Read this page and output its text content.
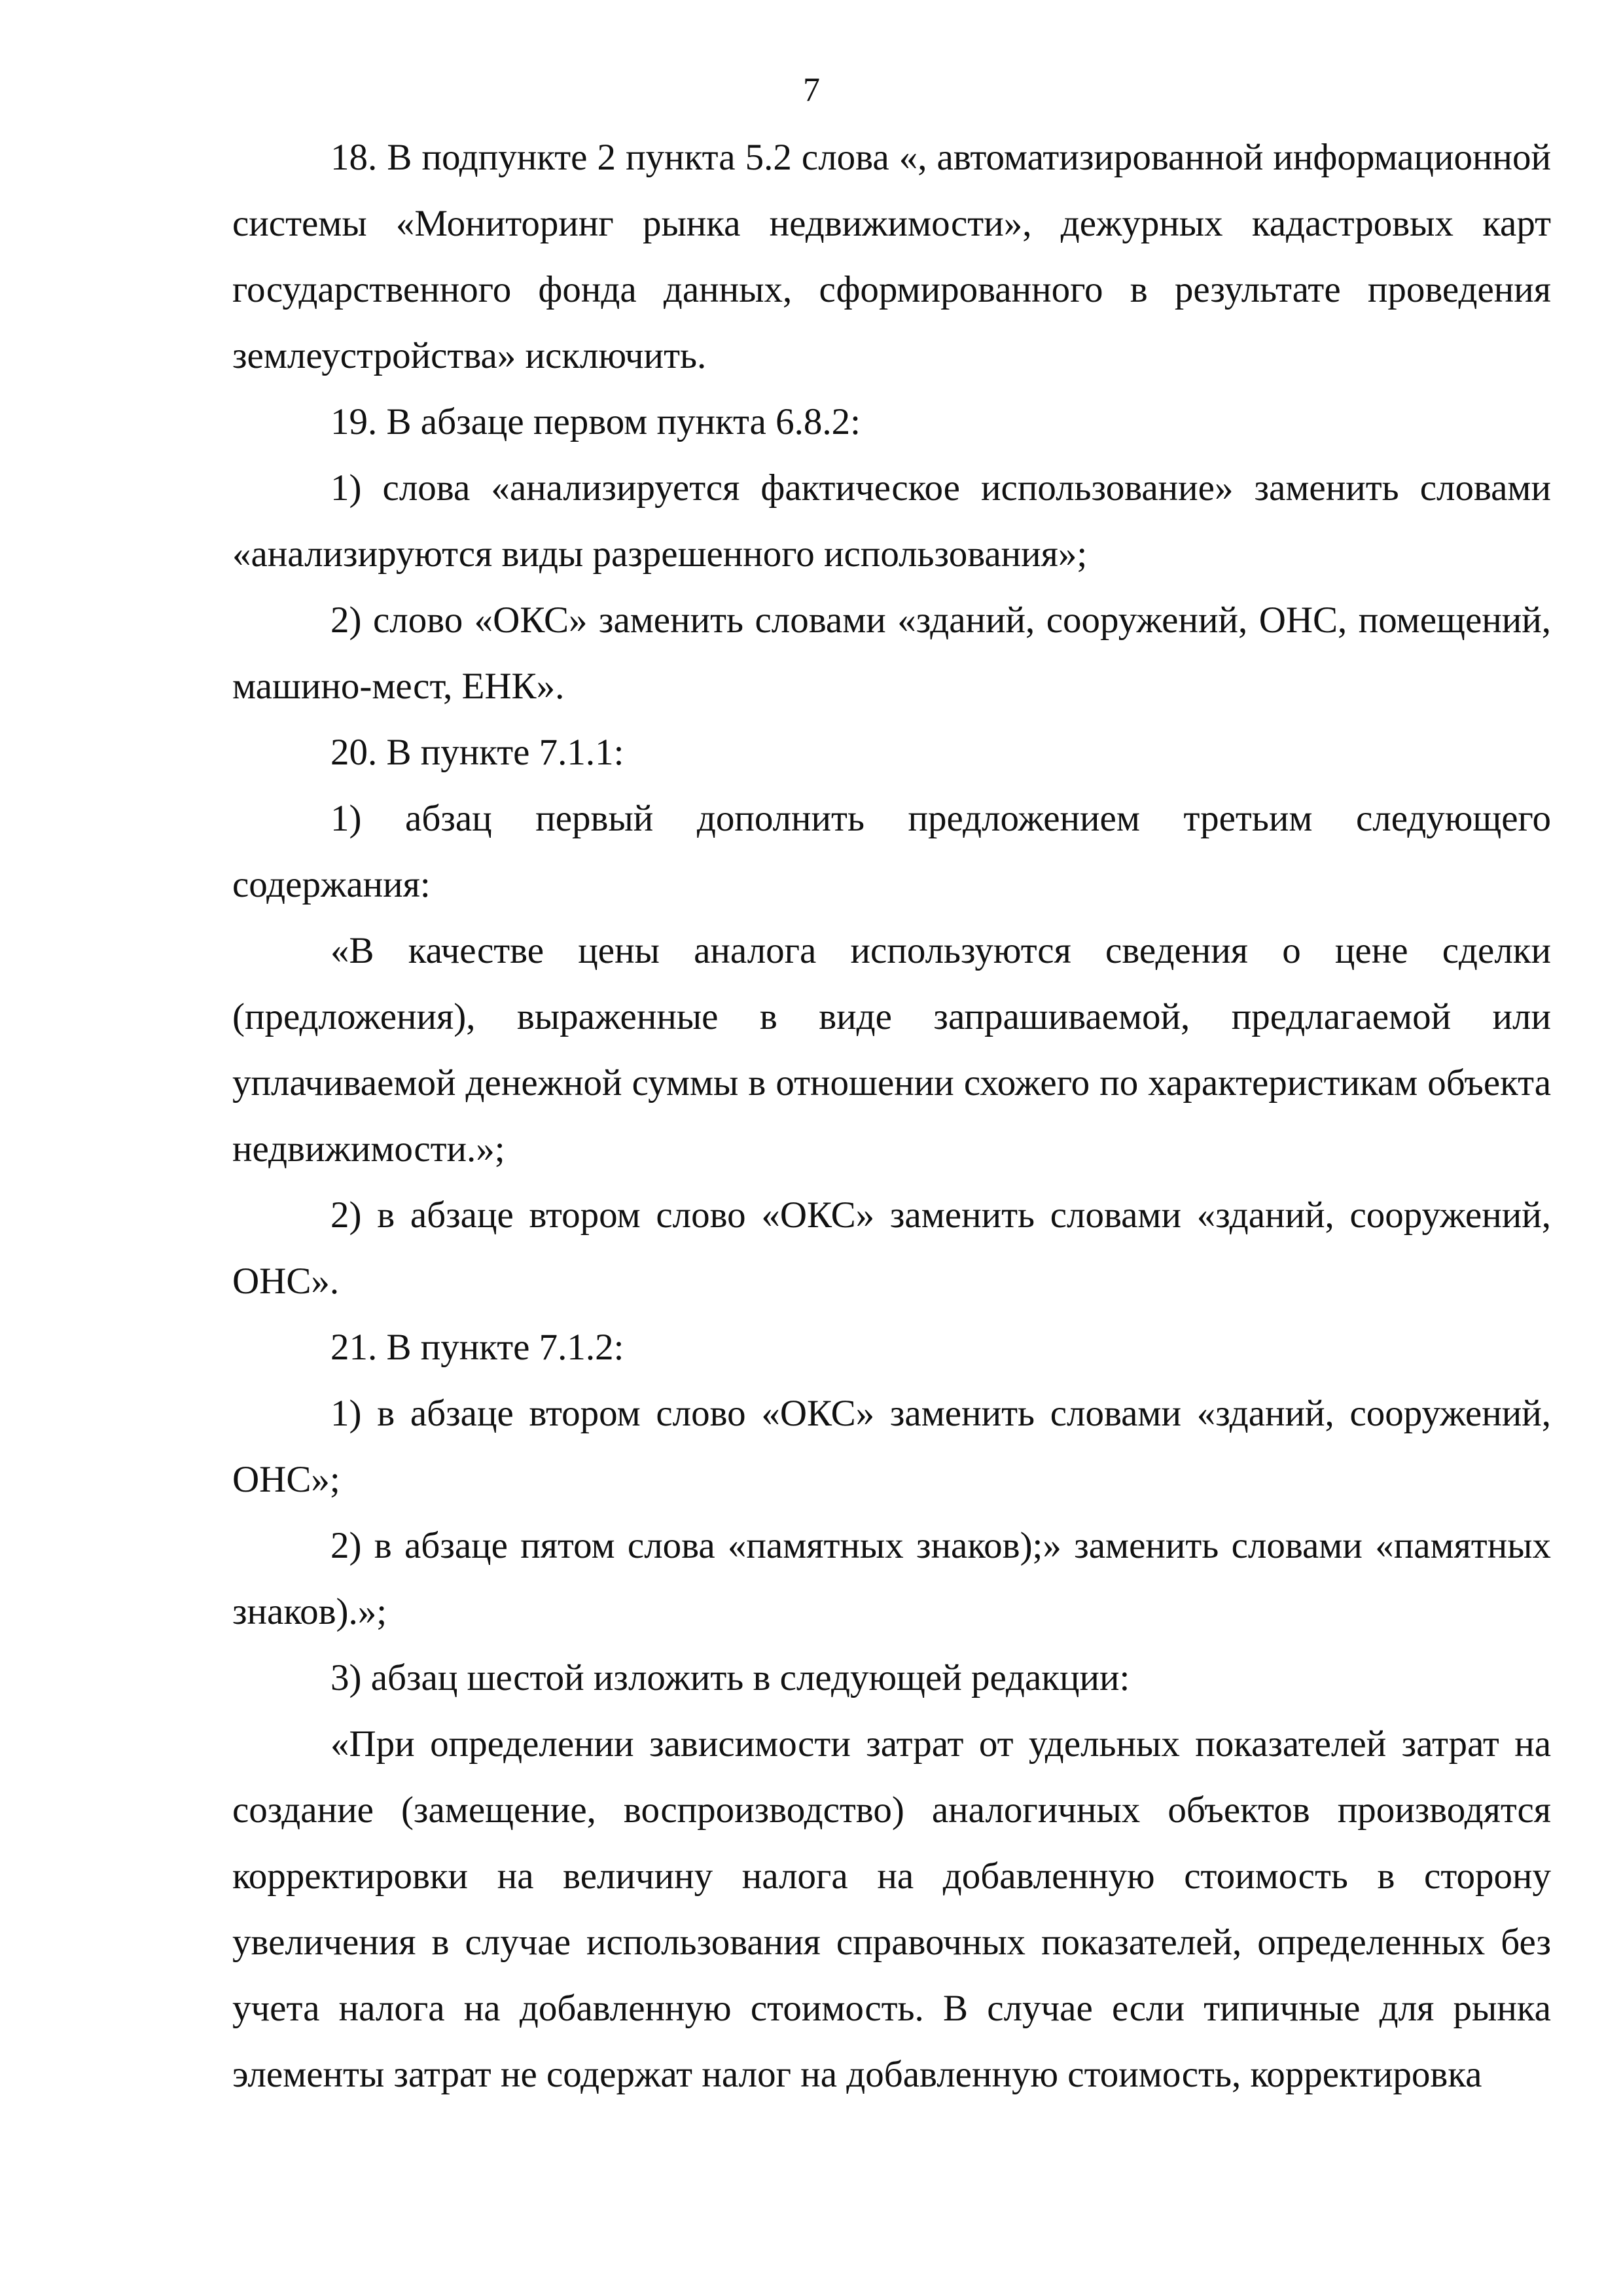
7

18. В подпункте 2 пункта 5.2 слова «, автоматизированной информационной системы «Мониторинг рынка недвижимости», дежурных кадастровых карт государственного фонда данных, сформированного в результате проведения землеустройства» исключить.

19. В абзаце первом пункта 6.8.2:

1) слова «анализируется фактическое использование» заменить словами «анализируются виды разрешенного использования»;

2) слово «ОКС» заменить словами «зданий, сооружений, ОНС, помещений, машино-мест, ЕНК».

20. В пункте 7.1.1:

1) абзац первый дополнить предложением третьим следующего содержания:

«В качестве цены аналога используются сведения о цене сделки (предложения), выраженные в виде запрашиваемой, предлагаемой или уплачиваемой денежной суммы в отношении схожего по характеристикам объекта недвижимости.»;

2) в абзаце втором слово «ОКС» заменить словами «зданий, сооружений, ОНС».

21. В пункте 7.1.2:

1) в абзаце втором слово «ОКС» заменить словами «зданий, сооружений, ОНС»;

2) в абзаце пятом слова «памятных знаков);» заменить словами «памятных знаков).»;

3) абзац шестой изложить в следующей редакции:

«При определении зависимости затрат от удельных показателей затрат на создание (замещение, воспроизводство) аналогичных объектов производятся корректировки на величину налога на добавленную стоимость в сторону увеличения в случае использования справочных показателей, определенных без учета налога на добавленную стоимость. В случае если типичные для рынка элементы затрат не содержат налог на добавленную стоимость, корректировка
